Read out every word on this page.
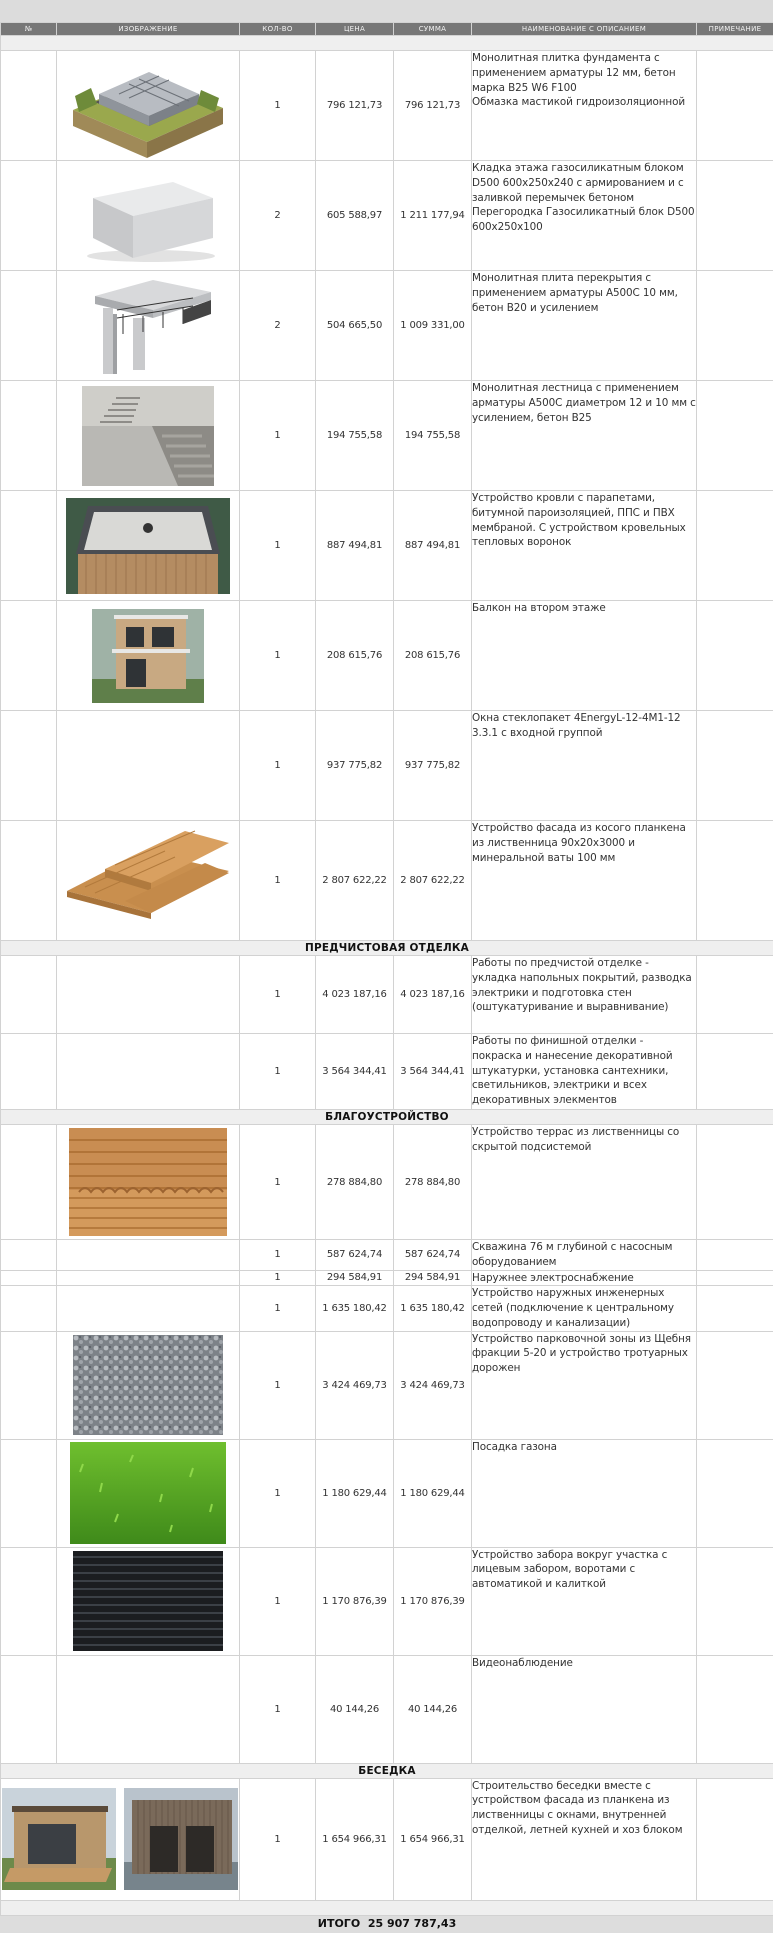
№	ИЗОБРАЖЕНИЕ	КОЛ-ВО	ЦЕНА	СУММА	НАИМЕНОВАНИЕ С ОПИСАНИЕМ	ПРИМЕЧАНИЕ

	1	796 121,73	796 121,73	Монолитная плитка фундамента с применением арматуры 12 мм, бетон марка В25 W6 F100
Обмазка мастикой гидроизоляционной	

	2	605 588,97	1 211 177,94	Кладка этажа газосиликатным блоком D500 600х250х240 с армированием и с заливкой перемычек бетоном
Перегородка Газосиликатный блок D500 600х250х100	

	2	504 665,50	1 009 331,00	Монолитная плита перекрытия с применением арматуры А500С 10 мм, бетон В20 и усилением	

	1	194 755,58	194 755,58	Монолитная лестница с применением арматуры А500С диаметром 12 и 10 мм с усилением, бетон В25	

	1	887 494,81	887 494,81	Устройство кровли с парапетами, битумной пароизоляцией, ППС и ПВХ мембраной. С устройством кровельных тепловых воронок	

	1	208 615,76	208 615,76	Балкон на втором этаже	
		1	937 775,82	937 775,82	Окна стеклопакет 4EnergyL-12-4M1-12 3.3.1 с входной группой	

	1	2 807 622,22	2 807 622,22	Устройство фасада из косого планкена из лиственница 90х20х3000 и минеральной ваты 100 мм	
ПРЕДЧИСТОВАЯ ОТДЕЛКА						
		1	4 023 187,16	4 023 187,16	Работы по предчистой отделке - укладка напольных покрытий, разводка электрики и подготовка стен (оштукатуривание и выравнивание)	
		1	3 564 344,41	3 564 344,41	Работы по финишной отделки - покраска и нанесение декоративной штукатурки, установка сантехники, светильников, электрики и всех декоративных элекментов	
БЛАГОУСТРОЙСТВО						

	1	278 884,80	278 884,80	Устройство террас из лиственницы со скрытой подсистемой	
		1	587 624,74	587 624,74	Скважина 76 м глубиной с насосным оборудованием	
		1	294 584,91	294 584,91	Наружнее электроснабжение	
		1	1 635 180,42	1 635 180,42	Устройство наружных инженерных сетей (подключение к центральному водопроводу и канализации)	

	1	3 424 469,73	3 424 469,73	Устройство парковочной зоны из Щебня фракции 5-20 и устройство тротуарных дорожен	

	1	1 180 629,44	1 180 629,44	Посадка газона	

	1	1 170 876,39	1 170 876,39	Устройство забора вокруг участка с лицевым забором, воротами с автоматикой и калиткой	
		1	40 144,26	40 144,26	Видеонаблюдение	
БЕСЕДКА						

	1	1 654 966,31	1 654 966,31	Строительство беседки вместе с устройством фасада из планкена из лиственницы с окнами, внутренней отделкой, летней кухней и хоз блоком	

ИТОГО 25 907 787,43						
